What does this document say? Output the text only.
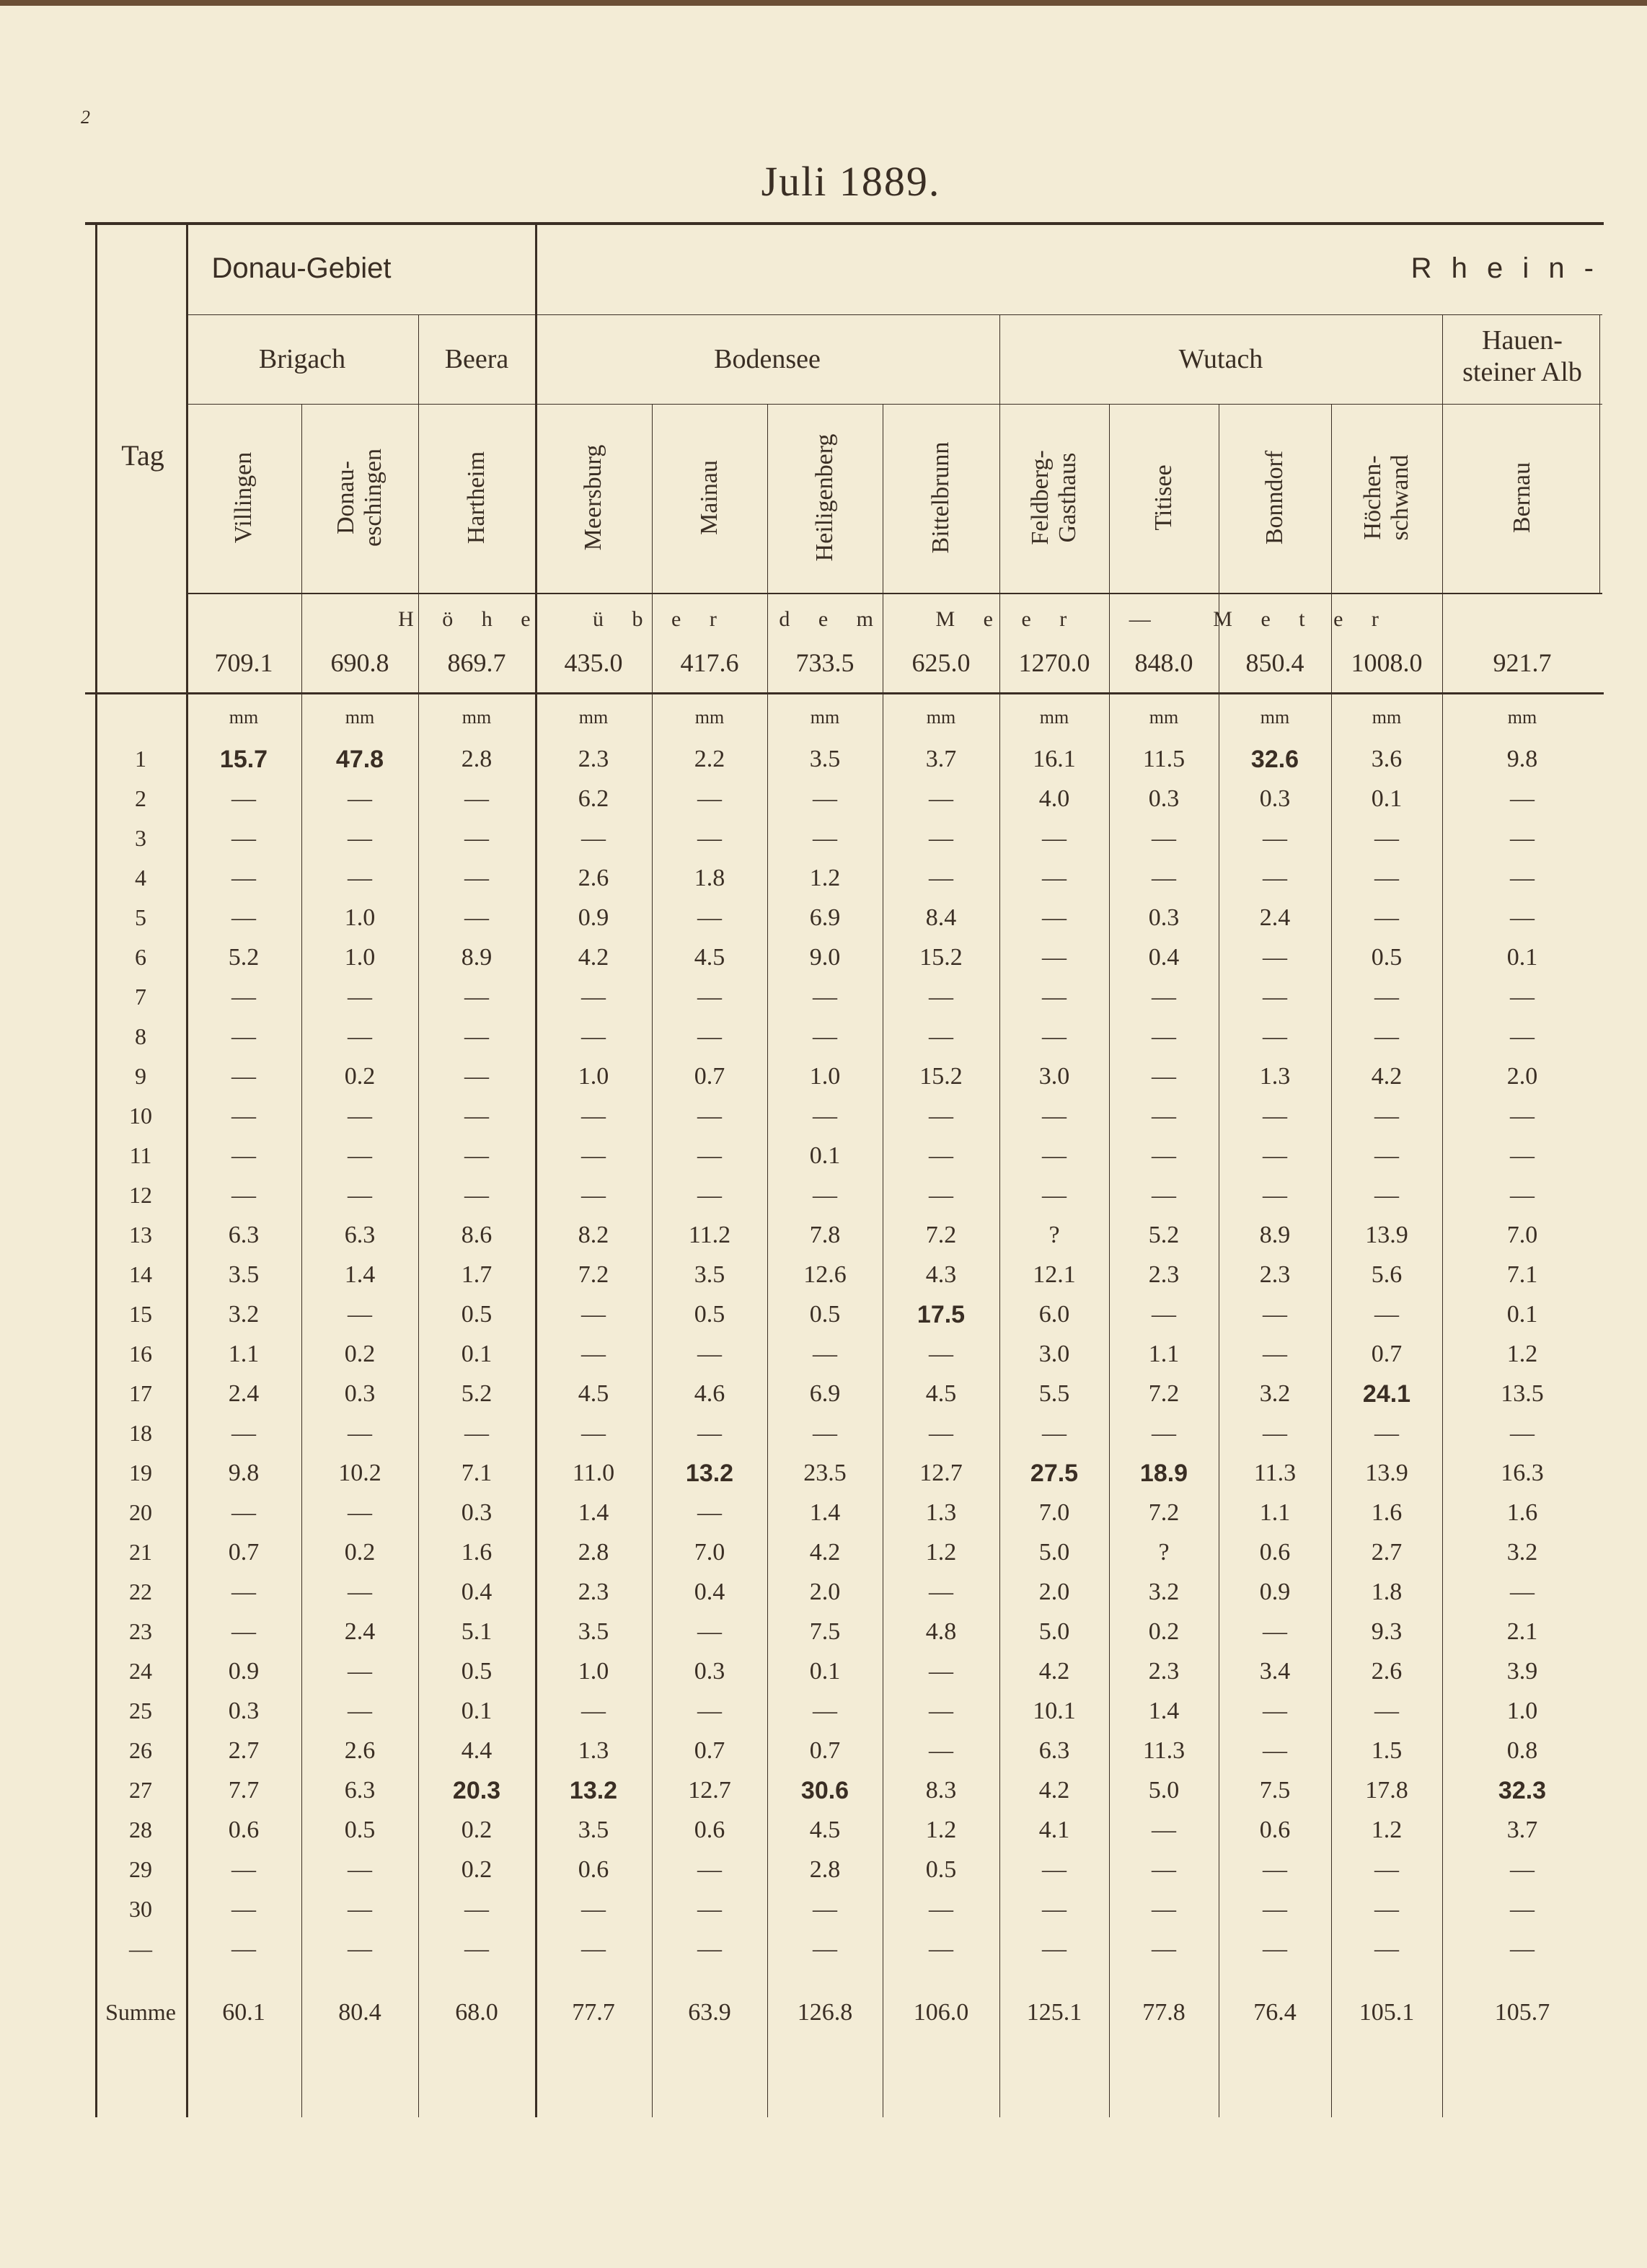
2
Juli 1889.
Tag
Donau-Gebiet	R h e i n -
Brigach	Beera	Bodensee	Wutach
Hauen-
steiner Alb
Villingen	Donau-
eschingen	Hartheim	Meersburg	Mainau	Heiligenberg	Bittelbrunn	Feldberg-
Gasthaus	Titisee	Bonndorf	Höchen-
schwand	Bernau
H ö h e   ü b e r   d e m   M e e r   —   M e t e r
709.1	690.8	869.7	435.0	417.6	733.5	625.0	1270.0	848.0	850.4	1008.0	921.7
mm	mm	mm	mm	mm	mm	mm	mm	mm	mm	mm	mm
1	15.7	47.8	2.8	2.3	2.2	3.5	3.7	16.1	11.5	32.6	3.6	9.8
2	—	—	—	6.2	—	—	—	4.0	0.3	0.3	0.1	—
3	—	—	—	—	—	—	—	—	—	—	—	—
4	—	—	—	2.6	1.8	1.2	—	—	—	—	—	—
5	—	1.0	—	0.9	—	6.9	8.4	—	0.3	2.4	—	—
6	5.2	1.0	8.9	4.2	4.5	9.0	15.2	—	0.4	—	0.5	0.1
7	—	—	—	—	—	—	—	—	—	—	—	—
8	—	—	—	—	—	—	—	—	—	—	—	—
9	—	0.2	—	1.0	0.7	1.0	15.2	3.0	—	1.3	4.2	2.0
10	—	—	—	—	—	—	—	—	—	—	—	—
11	—	—	—	—	—	0.1	—	—	—	—	—	—
12	—	—	—	—	—	—	—	—	—	—	—	—
13	6.3	6.3	8.6	8.2	11.2	7.8	7.2	?	5.2	8.9	13.9	7.0
14	3.5	1.4	1.7	7.2	3.5	12.6	4.3	12.1	2.3	2.3	5.6	7.1
15	3.2	—	0.5	—	0.5	0.5	17.5	6.0	—	—	—	0.1
16	1.1	0.2	0.1	—	—	—	—	3.0	1.1	—	0.7	1.2
17	2.4	0.3	5.2	4.5	4.6	6.9	4.5	5.5	7.2	3.2	24.1	13.5
18	—	—	—	—	—	—	—	—	—	—	—	—
19	9.8	10.2	7.1	11.0	13.2	23.5	12.7	27.5	18.9	11.3	13.9	16.3
20	—	—	0.3	1.4	—	1.4	1.3	7.0	7.2	1.1	1.6	1.6
21	0.7	0.2	1.6	2.8	7.0	4.2	1.2	5.0	?	0.6	2.7	3.2
22	—	—	0.4	2.3	0.4	2.0	—	2.0	3.2	0.9	1.8	—
23	—	2.4	5.1	3.5	—	7.5	4.8	5.0	0.2	—	9.3	2.1
24	0.9	—	0.5	1.0	0.3	0.1	—	4.2	2.3	3.4	2.6	3.9
25	0.3	—	0.1	—	—	—	—	10.1	1.4	—	—	1.0
26	2.7	2.6	4.4	1.3	0.7	0.7	—	6.3	11.3	—	1.5	0.8
27	7.7	6.3	20.3	13.2	12.7	30.6	8.3	4.2	5.0	7.5	17.8	32.3
28	0.6	0.5	0.2	3.5	0.6	4.5	1.2	4.1	—	0.6	1.2	3.7
29	—	—	0.2	0.6	—	2.8	0.5	—	—	—	—	—
30	—	—	—	—	—	—	—	—	—	—	—	—
—	—	—	—	—	—	—	—	—	—	—	—	—
Summe	60.1	80.4	68.0	77.7	63.9	126.8	106.0	125.1	77.8	76.4	105.1	105.7
